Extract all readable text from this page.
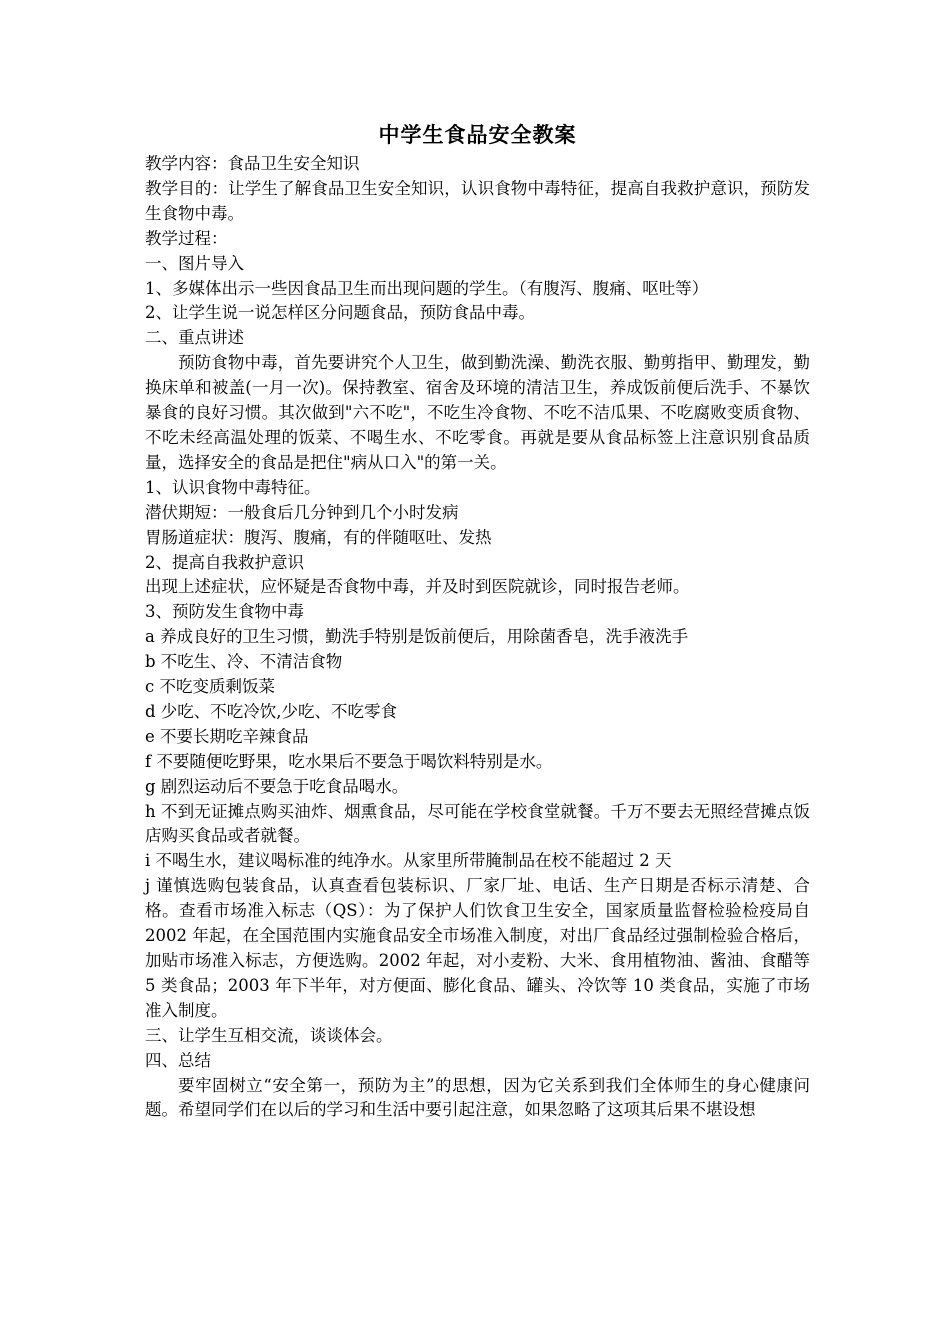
中学生食品安全教案

教学内容：食品卫生安全知识

教学目的：让学生了解食品卫生安全知识，认识食物中毒特征，提高自我救护意识，预防发生食物中毒。

教学过程：

一、图片导入

1、多媒体出示一些因食品卫生而出现问题的学生。（有腹泻、腹痛、呕吐等）

2、让学生说一说怎样区分问题食品，预防食品中毒。

二、重点讲述

预防食物中毒，首先要讲究个人卫生，做到勤洗澡、勤洗衣服、勤剪指甲、勤理发，勤换床单和被盖(一月一次)。保持教室、宿舍及环境的清洁卫生，养成饭前便后洗手、不暴饮暴食的良好习惯。其次做到"六不吃"，不吃生冷食物、不吃不洁瓜果、不吃腐败变质食物、不吃未经高温处理的饭菜、不喝生水、不吃零食。再就是要从食品标签上注意识别食品质量，选择安全的食品是把住"病从口入"的第一关。

1、认识食物中毒特征。

潜伏期短：一般食后几分钟到几个小时发病

胃肠道症状：腹泻、腹痛，有的伴随呕吐、发热

2、提高自我救护意识

出现上述症状，应怀疑是否食物中毒，并及时到医院就诊，同时报告老师。

3、预防发生食物中毒

a 养成良好的卫生习惯，勤洗手特别是饭前便后，用除菌香皂，洗手液洗手

b 不吃生、冷、不清洁食物

c 不吃变质剩饭菜

d 少吃、不吃冷饮,少吃、不吃零食

e 不要长期吃辛辣食品

f 不要随便吃野果，吃水果后不要急于喝饮料特别是水。

g 剧烈运动后不要急于吃食品喝水。

h 不到无证摊点购买油炸、烟熏食品，尽可能在学校食堂就餐。千万不要去无照经营摊点饭店购买食品或者就餐。

i 不喝生水，建议喝标准的纯净水。从家里所带腌制品在校不能超过 2 天

j 谨慎选购包装食品，认真查看包装标识、厂家厂址、电话、生产日期是否标示清楚、合格。查看市场准入标志（QS）：为了保护人们饮食卫生安全，国家质量监督检验检疫局自 2002 年起，在全国范围内实施食品安全市场准入制度，对出厂食品经过强制检验合格后，加贴市场准入标志，方便选购。2002 年起，对小麦粉、大米、食用植物油、酱油、食醋等 5 类食品；2003 年下半年，对方便面、膨化食品、罐头、冷饮等 10 类食品，实施了市场准入制度。

三、让学生互相交流，谈谈体会。

四、总结

要牢固树立“安全第一，预防为主”的思想，因为它关系到我们全体师生的身心健康问题。希望同学们在以后的学习和生活中要引起注意，如果忽略了这项其后果不堪设想
